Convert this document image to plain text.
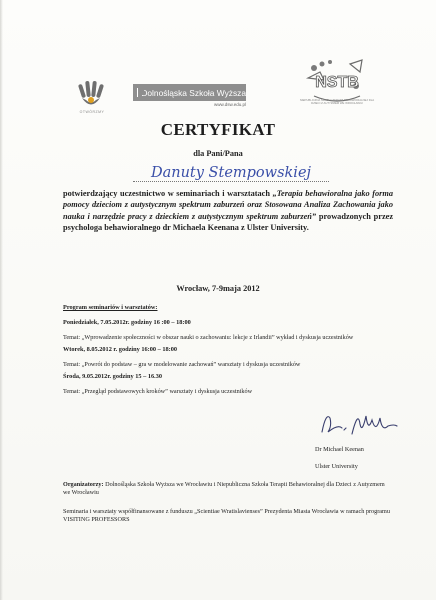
OTWÓRZMY
Dolnośląska Szkoła Wyższa
www.dsw.edu.pl
NSTB
NIEPUBLICZNA SZKOŁA TERAPII BEHAWIORALNEJ DLA DZIECI Z AUTYZMEM WE WROCŁAWIU
CERTYFIKAT
dla Pani/Pana
Danuty Stempowskiej
potwierdzający uczestnictwo w seminariach i warsztatach „Terapia behawioralna jako forma pomocy dzieciom z autystycznym spektrum zaburzeń oraz Stosowana Analiza Zachowania jako nauka i narzędzie pracy z dzieckiem z autystycznym spektrum zaburzeń” prowadzonych przez psychologa behawioralnego dr Michaela Keenana z Ulster University.
Wrocław, 7-9maja 2012
Program seminariów i warsztatów:
Poniedziałek, 7.05.2012r. godziny 16 :00 – 18:00
Temat: „Wprowadzenie społeczności w obszar nauki o zachowaniu: lekcje z Irlandii” wykład i dyskusja uczestników
Wtorek, 8.05.2012 r. godziny 16:00 – 18:00
Temat: „Powrót do podstaw – gra w modelowanie zachowań” warsztaty i dyskusja uczestników
Środa, 9.05.2012r. godziny 15 – 16.30
Temat: „Przegląd podstawowych kroków” warsztaty i dyskusja uczestników
Dr Michael Keenan
Ulster University
Organizatorzy: Dolnośląska Szkoła Wyższa we Wrocławiu i Niepubliczna Szkoła Terapii Behawioralnej dla Dzieci z Autyzmem we Wrocławiu
Seminaria i warsztaty współfinansowane z funduszu „Scientiae Wratislavienses” Prezydenta Miasta Wrocławia w ramach programu VISITING PROFESSORS
